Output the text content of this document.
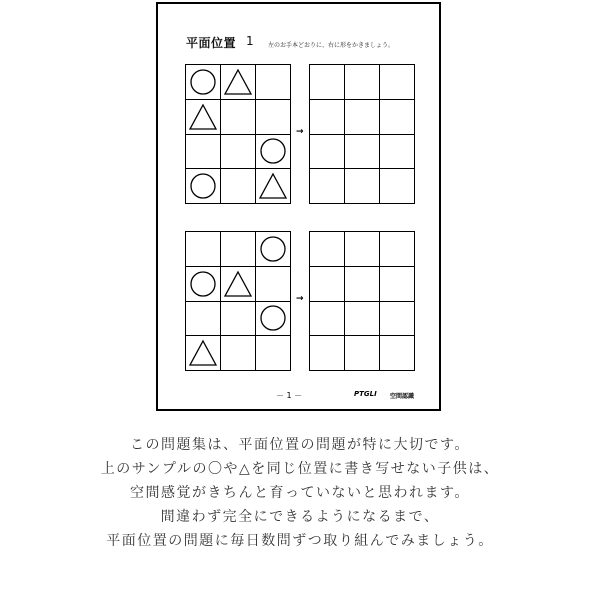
平面位置 1 左のお手本どおりに、右に形をかきましょう。
→
→
－ 1 －	PTGLI 空間認識
この問題集は、平面位置の問題が特に大切です。
上のサンプルの〇や△を同じ位置に書き写せない子供は、
空間感覚がきちんと育っていないと思われます。
間違わず完全にできるようになるまで、
平面位置の問題に毎日数問ずつ取り組んでみましょう。
